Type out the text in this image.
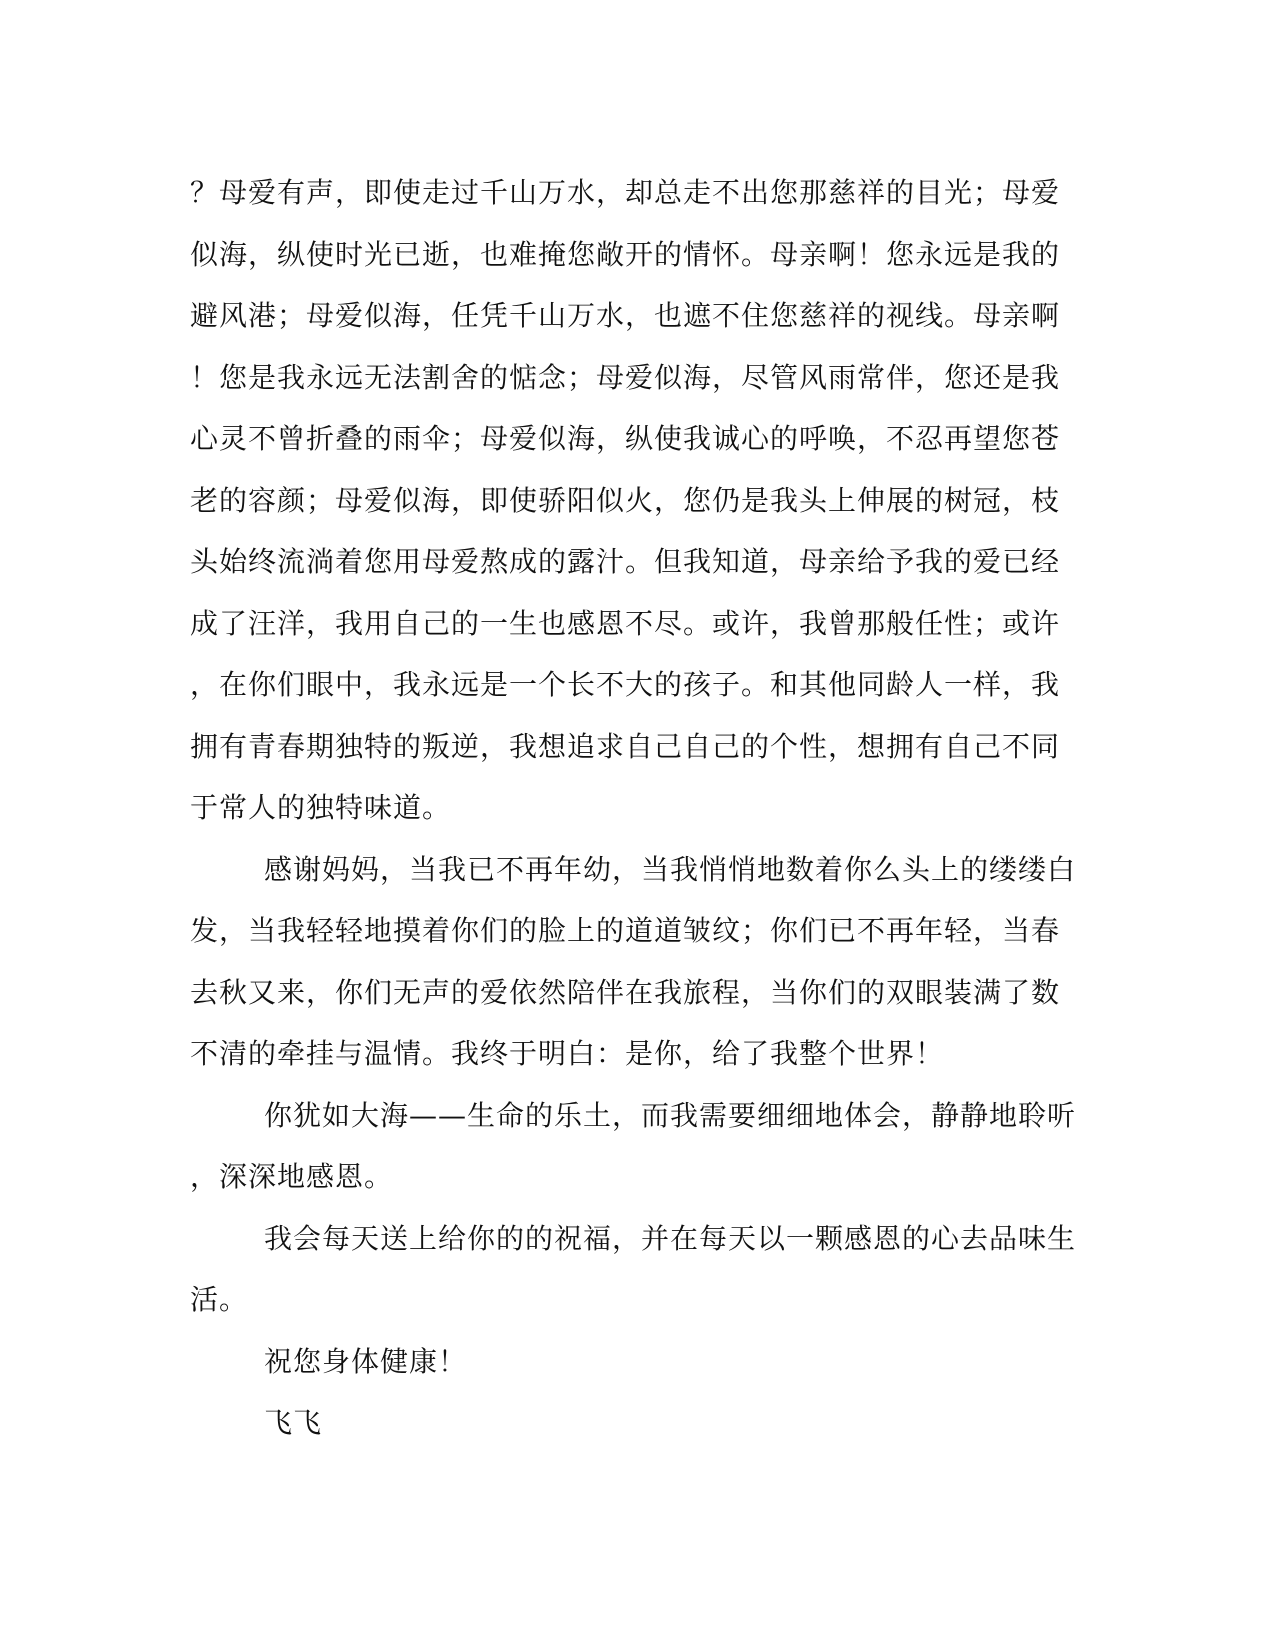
？母爱有声，即使走过千山万水，却总走不出您那慈祥的目光；母爱
似海，纵使时光已逝，也难掩您敞开的情怀。母亲啊！您永远是我的
避风港；母爱似海，任凭千山万水，也遮不住您慈祥的视线。母亲啊
！您是我永远无法割舍的惦念；母爱似海，尽管风雨常伴，您还是我
心灵不曾折叠的雨伞；母爱似海，纵使我诚心的呼唤，不忍再望您苍
老的容颜；母爱似海，即使骄阳似火，您仍是我头上伸展的树冠，枝
头始终流淌着您用母爱熬成的露汁。但我知道，母亲给予我的爱已经
成了汪洋，我用自己的一生也感恩不尽。或许，我曾那般任性；或许
，在你们眼中，我永远是一个长不大的孩子。和其他同龄人一样，我
拥有青春期独特的叛逆，我想追求自己自己的个性，想拥有自己不同
于常人的独特味道。
感谢妈妈，当我已不再年幼，当我悄悄地数着你么头上的缕缕白
发，当我轻轻地摸着你们的脸上的道道皱纹；你们已不再年轻，当春
去秋又来，你们无声的爱依然陪伴在我旅程，当你们的双眼装满了数
不清的牵挂与温情。我终于明白：是你，给了我整个世界！
你犹如大海——生命的乐土，而我需要细细地体会，静静地聆听
，深深地感恩。
我会每天送上给你的的祝福，并在每天以一颗感恩的心去品味生
活。
祝您身体健康！
飞飞
